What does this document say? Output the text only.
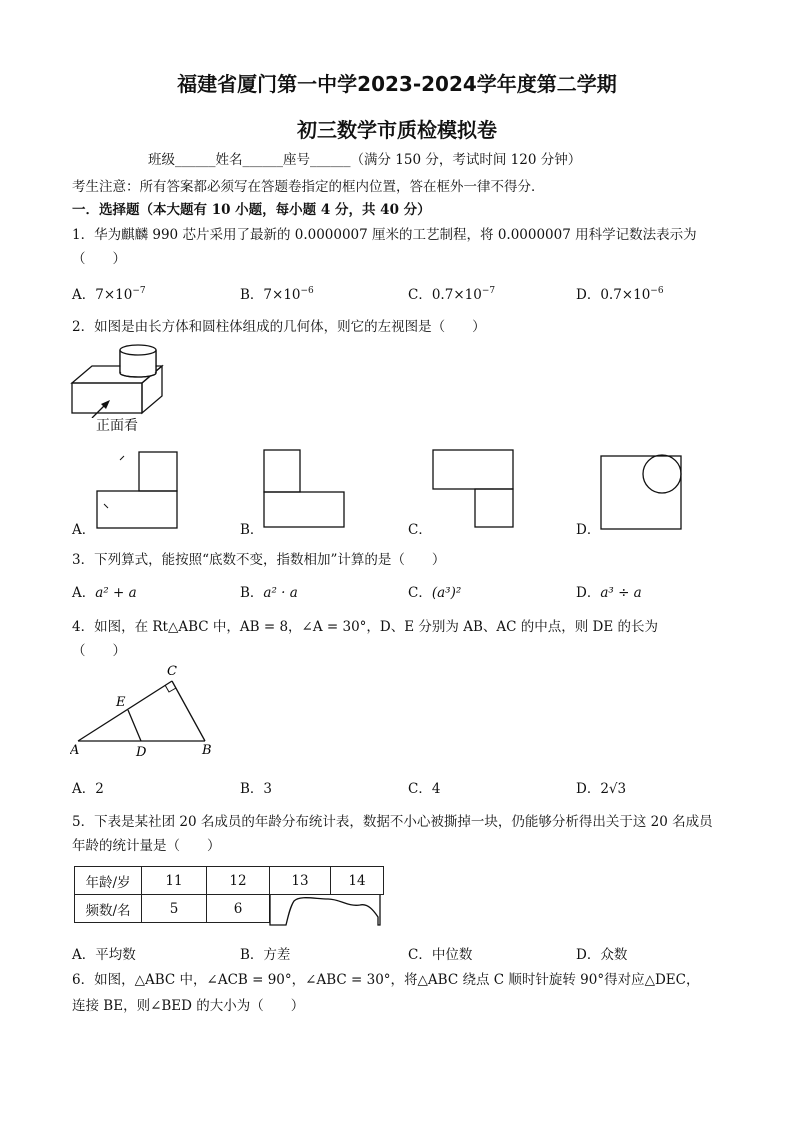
福建省厦门第一中学2023-2024学年度第二学期
初三数学市质检模拟卷
班级______姓名______座号______（满分 150 分，考试时间 120 分钟）
考生注意：所有答案都必须写在答题卷指定的框内位置，答在框外一律不得分．
一．选择题（本大题有 10 小题，每小题 4 分，共 40 分）
1．华为麒麟 990 芯片采用了最新的 0.0000007 厘米的工艺制程，将 0.0000007 用科学记数法表示为
（　　）
A．$7\times 10^{-7}$	B．$7\times 10^{-6}$	C．$0.7\times 10^{-7}$	D．$0.7\times 10^{-6}$
2．如图是由长方体和圆柱体组成的几何体，则它的左视图是（　　）
正面看
A．	B．	C．	D．
3．下列算式，能按照“底数不变，指数相加”计算的是（　　）
A．a² + a	B．a² · a	C．(a³)²	D．a³ ÷ a
4．如图，在 Rt△ABC 中，AB = 8，∠A = 30°，D、E 分别为 AB、AC 的中点，则 DE 的长为
（　　）
A	B
C
D
E
A．2	B．3	C．4	D．2√3
5．下表是某社团 20 名成员的年龄分布统计表，数据不小心被撕掉一块，仍能够分析得出关于这 20 名成员
年龄的统计量是（　　）
年龄/岁	11	12	13	14
频数/名	5	6		
A．平均数	B．方差	C．中位数	D．众数
6．如图，△ABC 中，∠ACB = 90°，∠ABC = 30°，将△ABC 绕点 C 顺时针旋转 90°得对应△DEC，
连接 BE，则∠BED 的大小为（　　）
